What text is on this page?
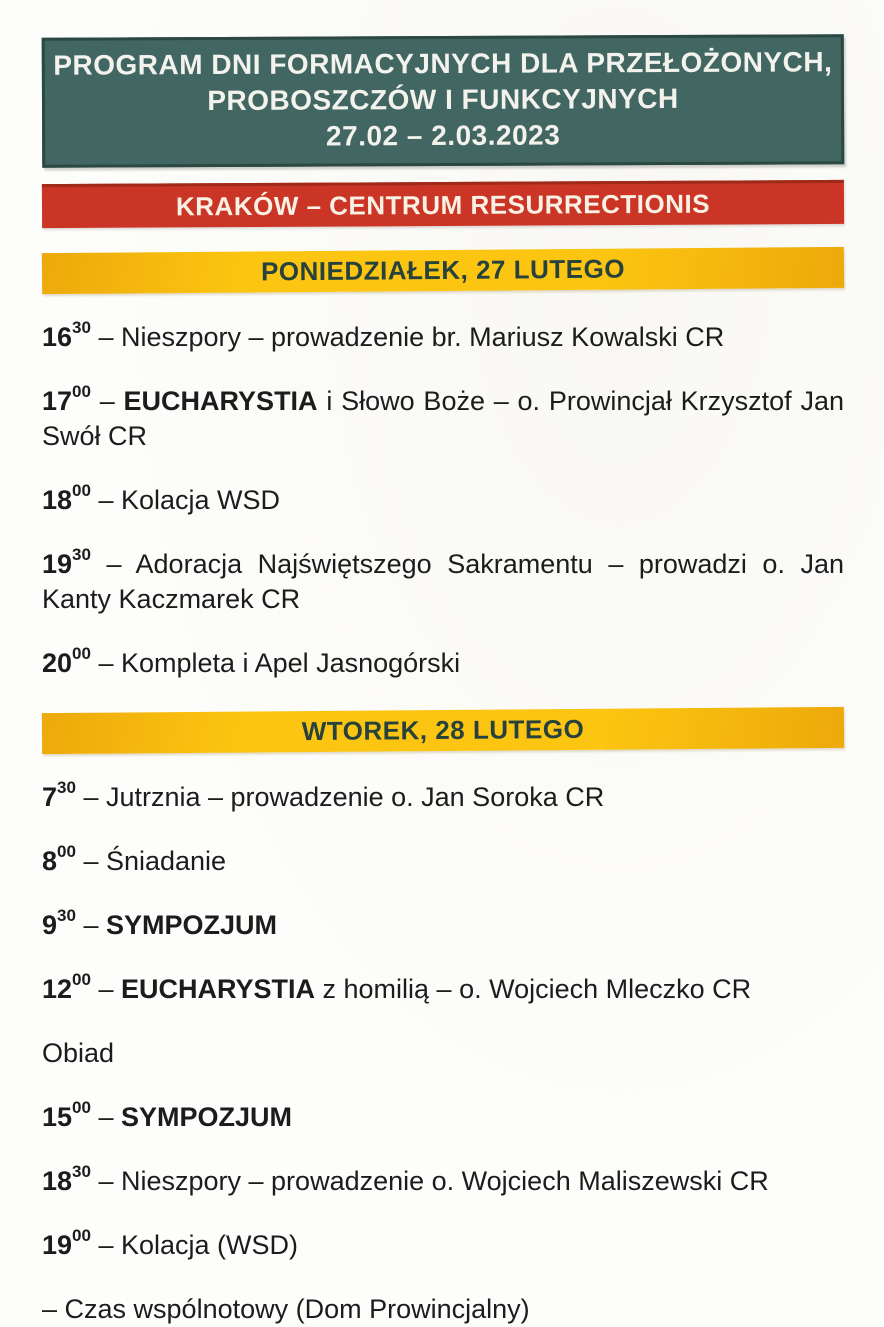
PROGRAM DNI FORMACYJNYCH DLA PRZEŁOŻONYCH,
PROBOSZCZÓW I FUNKCYJNYCH
27.02 – 2.03.2023
KRAKÓW – CENTRUM RESURRECTIONIS
PONIEDZIAŁEK, 27 LUTEGO

$16^{30}$ – Nieszpory – prowadzenie br. Mariusz Kowalski CR

$17^{00}$ – EUCHARYSTIA i Słowo Boże – o. Prowincjał Krzysztof Jan Swół CR

$18^{00}$ – Kolacja WSD

$19^{30}$ – Adoracja Najświętszego Sakramentu – prowadzi o. Jan Kanty Kaczmarek CR

$20^{00}$ – Kompleta i Apel Jasnogórski

WTOREK, 28 LUTEGO

$7^{30}$ – Jutrznia – prowadzenie o. Jan Soroka CR

$8^{00}$ – Śniadanie

$9^{30}$ – SYMPOZJUM

$12^{00}$ – EUCHARYSTIA z homilią – o. Wojciech Mleczko CR

Obiad

$15^{00}$ – SYMPOZJUM

$18^{30}$ – Nieszpory – prowadzenie o. Wojciech Maliszewski CR

$19^{00}$ – Kolacja (WSD)

– Czas wspólnotowy (Dom Prowincjalny)
